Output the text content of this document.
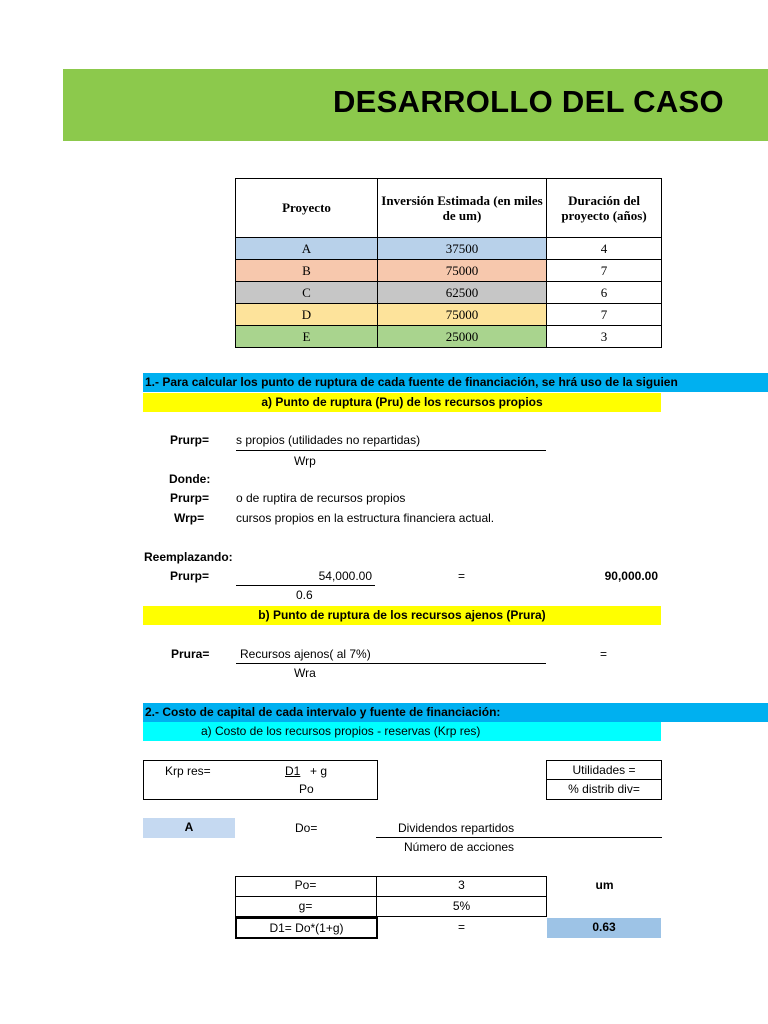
DESARROLLO DEL CASO
Proyecto	Inversión Estimada (en miles de um)	Duración del proyecto (años)
A	37500	4
B	75000	7
C	62500	6
D	75000	7
E	25000	3
1.- Para calcular los punto de ruptura de cada fuente de financiación, se hrá uso de la siguien
a) Punto de ruptura (Pru) de los recursos propios
Prurp= s propios (utilidades no repartidas)
Wrp
Donde:
Prurp= o de ruptira de recursos propios
Wrp=	cursos propios en la estructura financiera actual.
Reemplazando:
Prurp=	54,000.00
0.6
=	90,000.00
b) Punto de ruptura de los recursos ajenos (Prura)
Prura=	Recursos ajenos( al 7%)
Wra
=
2.- Costo de capital de cada intervalo y fuente de financiación:
a) Costo de los recursos propios - reservas (Krp res)
Krp res=	D1 + g
Po
Utilidades =
% distrib div=
A	Do=	Dividendos repartidos
Número de acciones
Po=	3	um
g=	5%
D1= Do*(1+g)	=	0.63
